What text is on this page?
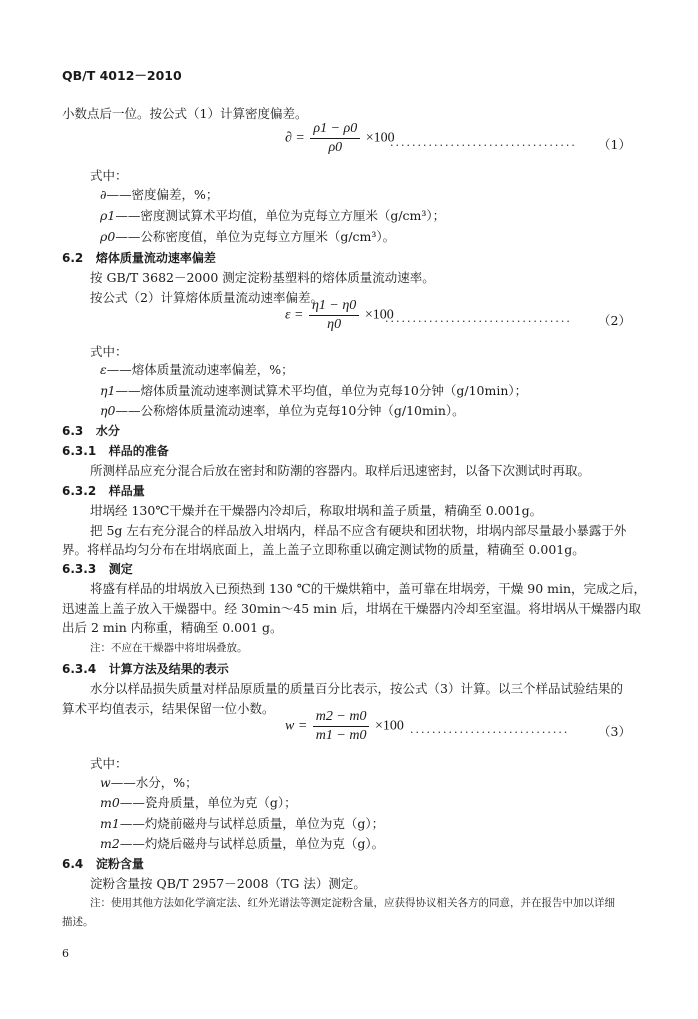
QB/T 4012－2010
小数点后一位。按公式（1）计算密度偏差。
∂ = $\frac{\rho 1 - \rho 0}{\rho 0} \times 100$
·································· （1）
式中：
∂——密度偏差，%；
ρ1——密度测试算术平均值，单位为克每立方厘米（g/cm³）；
ρ0——公称密度值，单位为克每立方厘米（g/cm³）。
6.2 熔体质量流动速率偏差
按 GB/T 3682－2000 测定淀粉基塑料的熔体质量流动速率。
按公式（2）计算熔体质量流动速率偏差。
$\varepsilon = \frac{\eta 1 - \eta 0}{\eta 0} \times 100$
·································· （2）
式中：
ε——熔体质量流动速率偏差，%；
η1——熔体质量流动速率测试算术平均值，单位为克每10分钟（g/10min）；
η0——公称熔体质量流动速率，单位为克每10分钟（g/10min）。
6.3 水分
6.3.1 样品的准备
所测样品应充分混合后放在密封和防潮的容器内。取样后迅速密封，以备下次测试时再取。
6.3.2 样品量
坩埚经 130℃干燥并在干燥器内冷却后，称取坩埚和盖子质量，精确至 0.001g。
把 5g 左右充分混合的样品放入坩埚内，样品不应含有硬块和团状物，坩埚内部尽量最小暴露于外
界。将样品均匀分布在坩埚底面上，盖上盖子立即称重以确定测试物的质量，精确至 0.001g。
6.3.3 测定
将盛有样品的坩埚放入已预热到 130 ℃的干燥烘箱中，盖可靠在坩埚旁，干燥 90 min，完成之后，
迅速盖上盖子放入干燥器中。经 30min～45 min 后，坩埚在干燥器内冷却至室温。将坩埚从干燥器内取
出后 2 min 内称重，精确至 0.001 g。
注：不应在干燥器中将坩埚叠放。
6.3.4 计算方法及结果的表示
水分以样品损失质量对样品原质量的质量百分比表示，按公式（3）计算。以三个样品试验结果的
算术平均值表示，结果保留一位小数。
$w = \frac{m2 - m0}{m1 - m0} \times 100$ ····························· （3）
式中：
w——水分，%；
m0——瓷舟质量，单位为克（g）；
m1——灼烧前磁舟与试样总质量，单位为克（g）；
m2——灼烧后磁舟与试样总质量，单位为克（g）。
6.4 淀粉含量
淀粉含量按 QB/T 2957－2008（TG 法）测定。
注：使用其他方法如化学滴定法、红外光谱法等测定淀粉含量，应获得协议相关各方的同意，并在报告中加以详细
描述。
6
